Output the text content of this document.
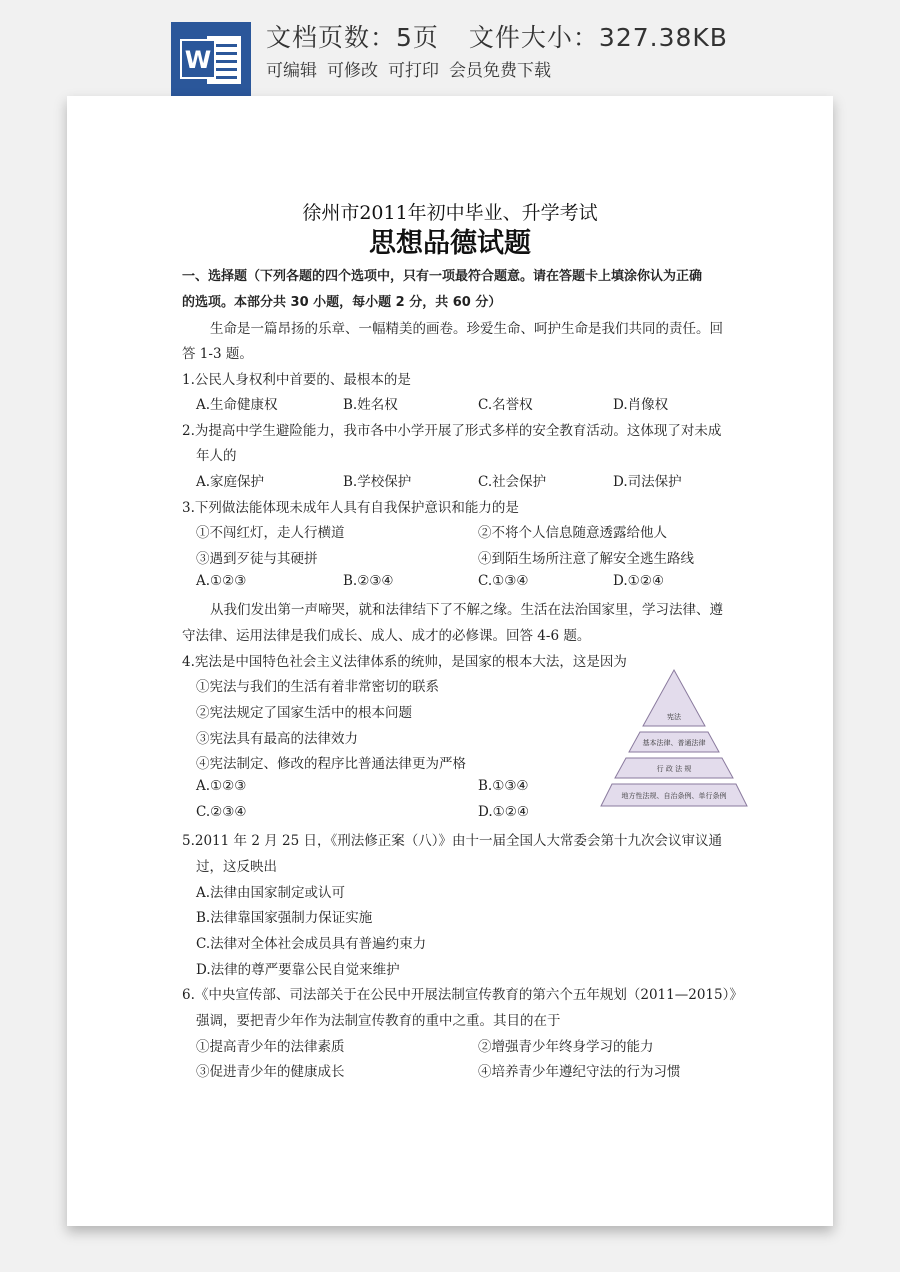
W
文档页数：5页 文件大小：327.38KB
可编辑 可修改 可打印 会员免费下载
徐州市2011年初中毕业、升学考试
思想品德试题
一、选择题（下列各题的四个选项中，只有一项最符合题意。请在答题卡上填涂你认为正确
的选项。本部分共 30 小题，每小题 2 分，共 60 分）
生命是一篇昂扬的乐章、一幅精美的画卷。珍爱生命、呵护生命是我们共同的责任。回
答 1-3 题。
1.公民人身权利中首要的、最根本的是
A.生命健康权	B.姓名权	C.名誉权	D.肖像权
2.为提高中学生避险能力，我市各中小学开展了形式多样的安全教育活动。这体现了对未成
年人的
A.家庭保护	B.学校保护	C.社会保护	D.司法保护
3.下列做法能体现未成年人具有自我保护意识和能力的是
①不闯红灯，走人行横道	②不将个人信息随意透露给他人
③遇到歹徒与其硬拼	④到陌生场所注意了解安全逃生路线
A.①②③	B.②③④	C.①③④	D.①②④
从我们发出第一声啼哭，就和法律结下了不解之缘。生活在法治国家里，学习法律、遵
守法律、运用法律是我们成长、成人、成才的必修课。回答 4-6 题。
4.宪法是中国特色社会主义法律体系的统帅，是国家的根本大法，这是因为
①宪法与我们的生活有着非常密切的联系
②宪法规定了国家生活中的根本问题
③宪法具有最高的法律效力
④宪法制定、修改的程序比普通法律更为严格
A.①②③	B.①③④
C.②③④	D.①②④
宪法
基本法律、普通法律
行 政 法 规
地方性法规、自治条例、单行条例
5.2011 年 2 月 25 日，《刑法修正案（八）》由十一届全国人大常委会第十九次会议审议通
过，这反映出
A.法律由国家制定或认可
B.法律靠国家强制力保证实施
C.法律对全体社会成员具有普遍约束力
D.法律的尊严要靠公民自觉来维护
6.《中央宣传部、司法部关于在公民中开展法制宣传教育的第六个五年规划（2011—2015）》
强调，要把青少年作为法制宣传教育的重中之重。其目的在于
①提高青少年的法律素质	②增强青少年终身学习的能力
③促进青少年的健康成长	④培养青少年遵纪守法的行为习惯
